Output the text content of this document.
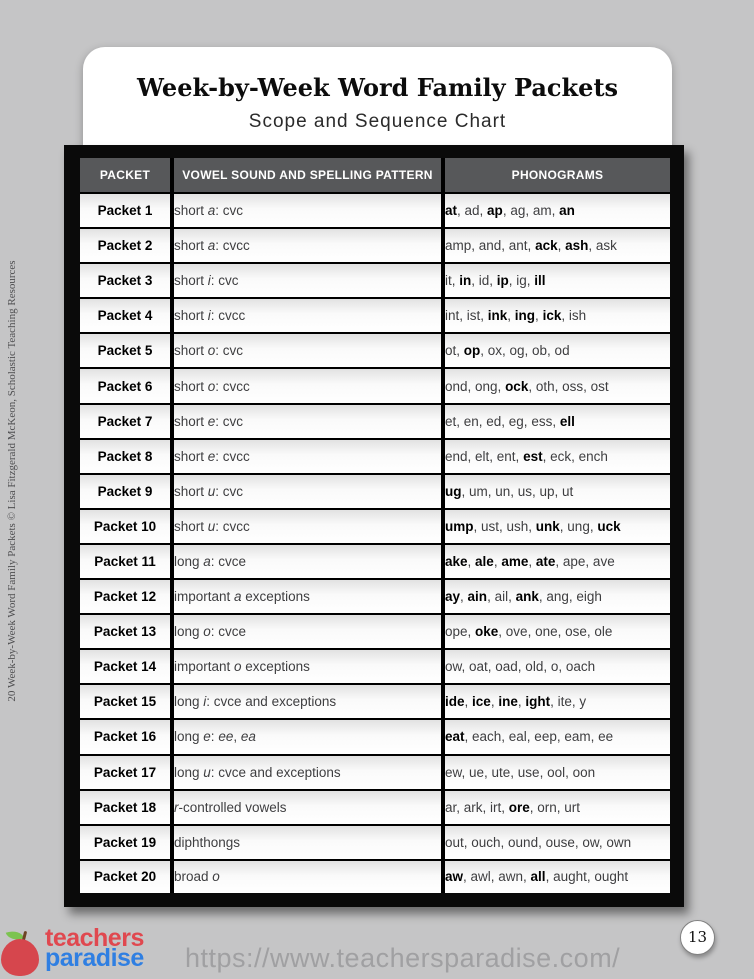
20 Week-by-Week Word Family Packets © Lisa Fitzgerald McKeon, Scholastic Teaching Resources
Week-by-Week Word Family Packets
Scope and Sequence Chart
PACKET	VOWEL SOUND AND SPELLING PATTERN	PHONOGRAMS
Packet 1	short a: cvc	at, ad, ap, ag, am, an
Packet 2	short a: cvcc	amp, and, ant, ack, ash, ask
Packet 3	short i: cvc	it, in, id, ip, ig, ill
Packet 4	short i: cvcc	int, ist, ink, ing, ick, ish
Packet 5	short o: cvc	ot, op, ox, og, ob, od
Packet 6	short o: cvcc	ond, ong, ock, oth, oss, ost
Packet 7	short e: cvc	et, en, ed, eg, ess, ell
Packet 8	short e: cvcc	end, elt, ent, est, eck, ench
Packet 9	short u: cvc	ug, um, un, us, up, ut
Packet 10	short u: cvcc	ump, ust, ush, unk, ung, uck
Packet 11	long a: cvce	ake, ale, ame, ate, ape, ave
Packet 12	important a exceptions	ay, ain, ail, ank, ang, eigh
Packet 13	long o: cvce	ope, oke, ove, one, ose, ole
Packet 14	important o exceptions	ow, oat, oad, old, o, oach
Packet 15	long i: cvce and exceptions	ide, ice, ine, ight, ite, y
Packet 16	long e: ee, ea	eat, each, eal, eep, eam, ee
Packet 17	long u: cvce and exceptions	ew, ue, ute, use, ool, oon
Packet 18	r-controlled vowels	ar, ark, irt, ore, orn, urt
Packet 19	diphthongs	out, ouch, ound, ouse, ow, own
Packet 20	broad o	aw, awl, awn, all, aught, ought
teachers
paradise https://www.teachersparadise.com/
13
